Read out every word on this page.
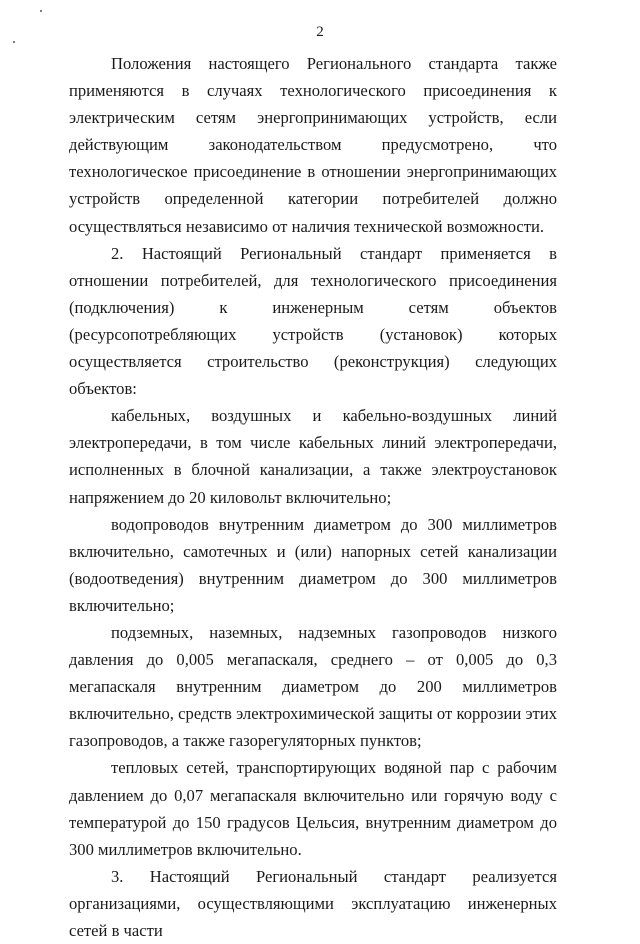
2

Положения настоящего Регионального стандарта также применяются в случаях технологического присоединения к электрическим сетям энергопринимающих устройств, если действующим законодательством предусмотрено, что технологическое присоединение в отношении энергопринимающих устройств определенной категории потребителей должно осуществляться независимо от наличия технической возможности.

2. Настоящий Региональный стандарт применяется в отношении потребителей, для технологического присоединения (подключения) к инженерным сетям объектов (ресурсопотребляющих устройств (установок) которых осуществляется строительство (реконструкция) следующих объектов:

кабельных, воздушных и кабельно-воздушных линий электропередачи, в том числе кабельных линий электропередачи, исполненных в блочной канализации, а также электроустановок напряжением до 20 киловольт включительно;

водопроводов внутренним диаметром до 300 миллиметров включительно, самотечных и (или) напорных сетей канализации (водоотведения) внутренним диаметром до 300 миллиметров включительно;

подземных, наземных, надземных газопроводов низкого давления до 0,005 мегапаскаля, среднего – от 0,005 до 0,3 мегапаскаля внутренним диаметром до 200 миллиметров включительно, средств электрохимической защиты от коррозии этих газопроводов, а также газорегуляторных пунктов;

тепловых сетей, транспортирующих водяной пар с рабочим давлением до 0,07 мегапаскаля включительно или горячую воду с температурой до 150 градусов Цельсия, внутренним диаметром до 300 миллиметров включительно.

3. Настоящий Региональный стандарт реализуется организациями, осуществляющими эксплуатацию инженерных сетей в части
